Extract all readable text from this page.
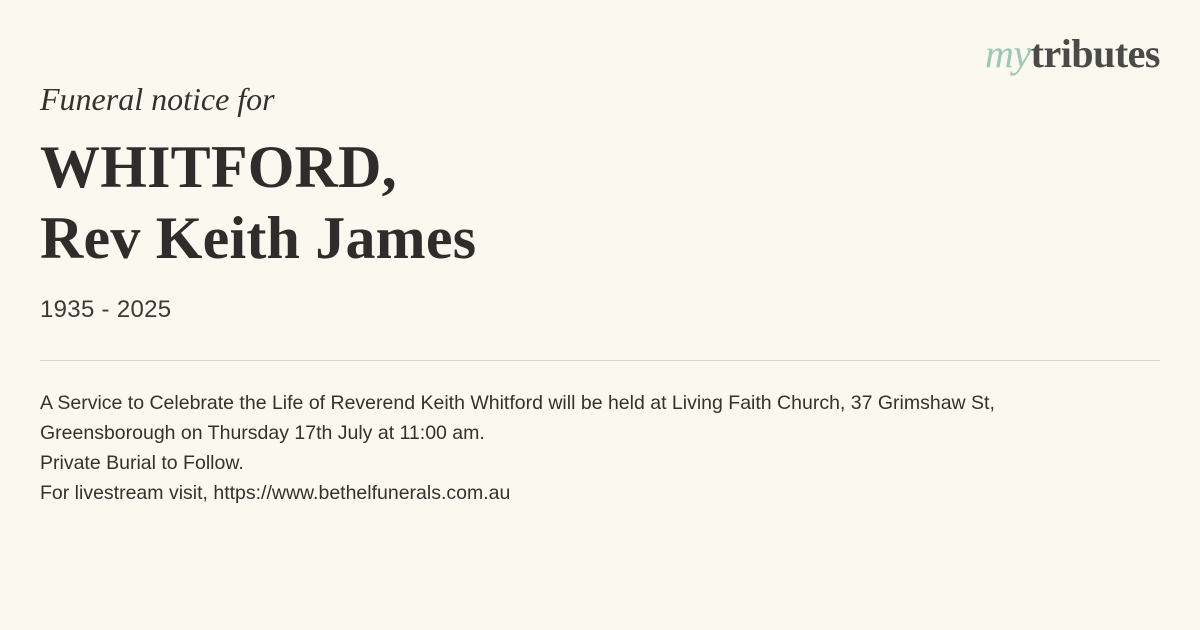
mytributes

Funeral notice for

WHITFORD,
Rev Keith James

1935 - 2025

A Service to Celebrate the Life of Reverend Keith Whitford will be held at Living Faith Church, 37 Grimshaw St, Greensborough on Thursday 17th July at 11:00 am.

Private Burial to Follow.

For livestream visit, https://www.bethelfunerals.com.au
